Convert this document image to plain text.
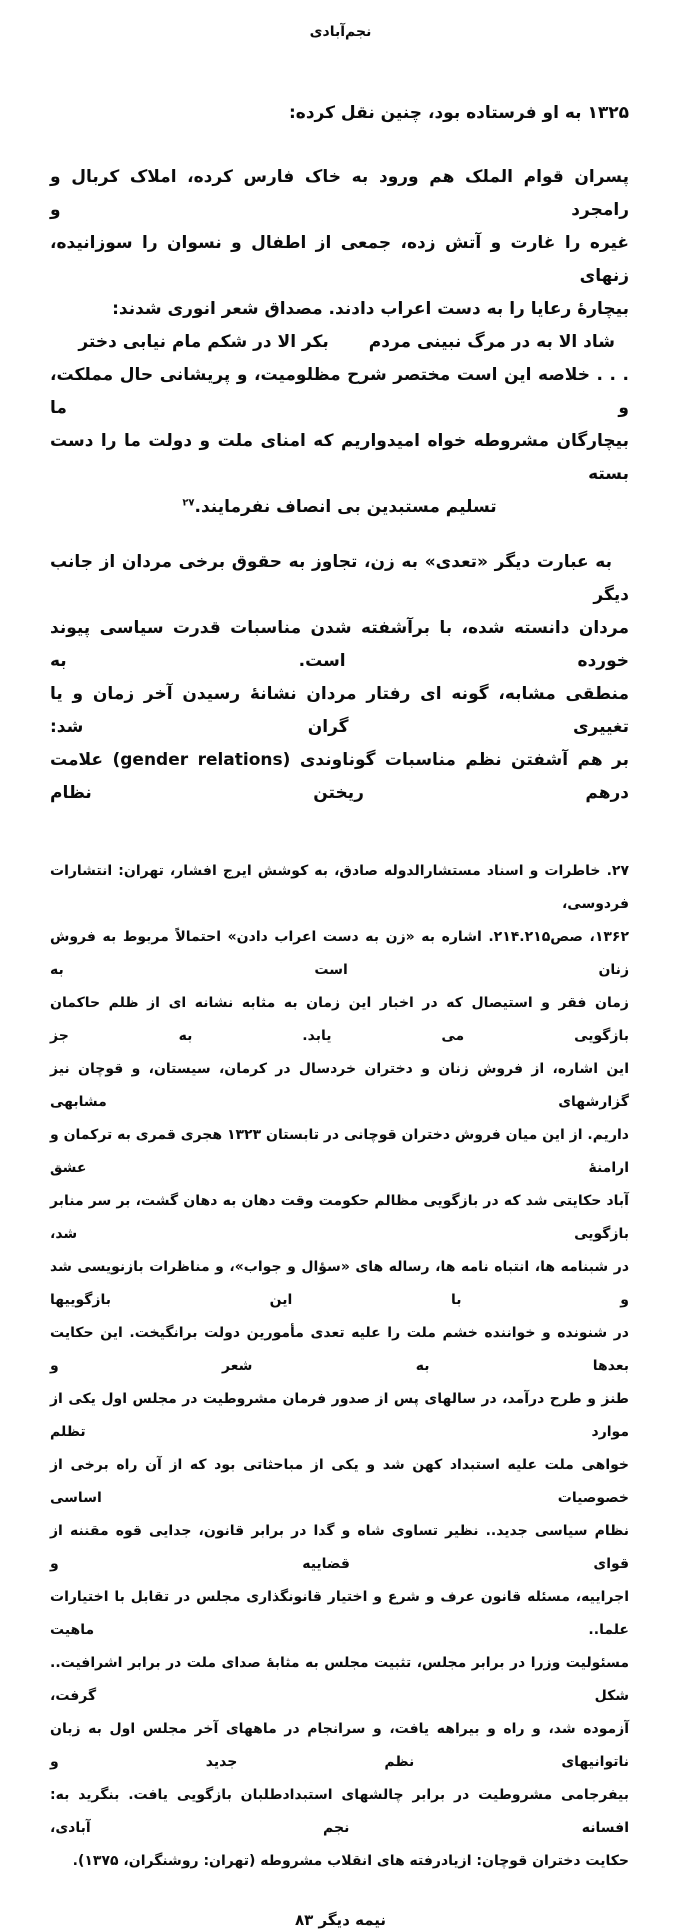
نجم‌آبادی
۱۳۲۵ به او فرستاده بود، چنین نقل کرده:
پسران قوام الملک هم ورود به خاک فارس کرده، املاک کربال و رامجرد و
غیره را غارت و آتش زده، جمعی از اطفال و نسوان را سوزانیده، زنهای
بیچارهٔ رعایا را به دست اعراب دادند. مصداق شعر انوری شدند:
شاد الا به در مرگ نبینی مردم
بکر الا در شکم مام نیابی دختر
. . . خلاصه این است مختصر شرح مظلومیت، و پریشانی حال مملکت، و ما
بیچارگان مشروطه خواه امیدواریم که امنای ملت و دولت ما را دست بسته
تسلیم مستبدین بی انصاف نفرمایند.$^{۲۷}$
به عبارت دیگر «تعدی» به زن، تجاوز به حقوق برخی مردان از جانب دیگر
مردان دانسته شده، با برآشفته شدن مناسبات قدرت سیاسی پیوند خورده است. به
منطقی مشابه، گونه ای رفتار مردان نشانهٔ رسیدن آخر زمان و یا تغییری گران شد:
بر هم آشفتن نظم مناسبات گوناوندی (gender relations) علامت درهم ریختن نظام
۲۷. خاطرات و اسناد مستشارالدوله صادق، به کوشش ایرج افشار، تهران: انتشارات فردوسی،
۱۳۶۲، صص۲۱۴.۲۱۵. اشاره به «زن به دست اعراب دادن» احتمالاً مربوط به فروش زنان است به
زمان فقر و استیصال که در اخبار این زمان به مثابه نشانه ای از ظلم حاکمان بازگویی می یابد. به جز
این اشاره، از فروش زنان و دختران خردسال در کرمان، سیستان، و قوچان نیز گزارشهای مشابهی
داریم. از این میان فروش دختران قوچانی در تابستان ۱۳۲۳ هجری قمری به ترکمان و ارامنهٔ عشق
آباد حکایتی شد که در بازگویی مظالم حکومت وقت دهان به دهان گشت، بر سر منابر بازگویی شد،
در شبنامه ها، انتباه نامه ها، رساله های «سؤال و جواب»، و مناظرات بازنویسی شد و با این بازگوییها
در شنونده و خواننده خشم ملت را علیه تعدی مأمورین دولت برانگیخت. این حکایت بعدها به شعر و
طنز و طرح درآمد، در سالهای پس از صدور فرمان مشروطیت در مجلس اول یکی از موارد تظلم
خواهی ملت علیه استبداد کهن شد و یکی از مباحثاتی بود که از آن راه برخی از خصوصیات اساسی
نظام سیاسی جدید.. نظیر تساوی شاه و گدا در برابر قانون، جدایی قوه مقننه از قوای قضاییه و
اجراییه، مسئله قانون عرف و شرع و اختیار قانونگذاری مجلس در تقابل با اختیارات علما.. ماهیت
مسئولیت وزرا در برابر مجلس، تثبیت مجلس به مثابهٔ صدای ملت در برابر اشرافیت.. شکل گرفت،
آزموده شد، و راه و بیراهه یافت، و سرانجام در ماههای آخر مجلس اول به زبان ناتوانیهای نظم جدید و
بیفرجامی مشروطیت در برابر چالشهای استبدادطلبان بازگویی یافت. بنگرید به: افسانه نجم آبادی،
حکایت دختران قوچان: ازیادرفته های انقلاب مشروطه (تهران: روشنگران، ۱۳۷۵).
نیمه دیگر ۸۳
